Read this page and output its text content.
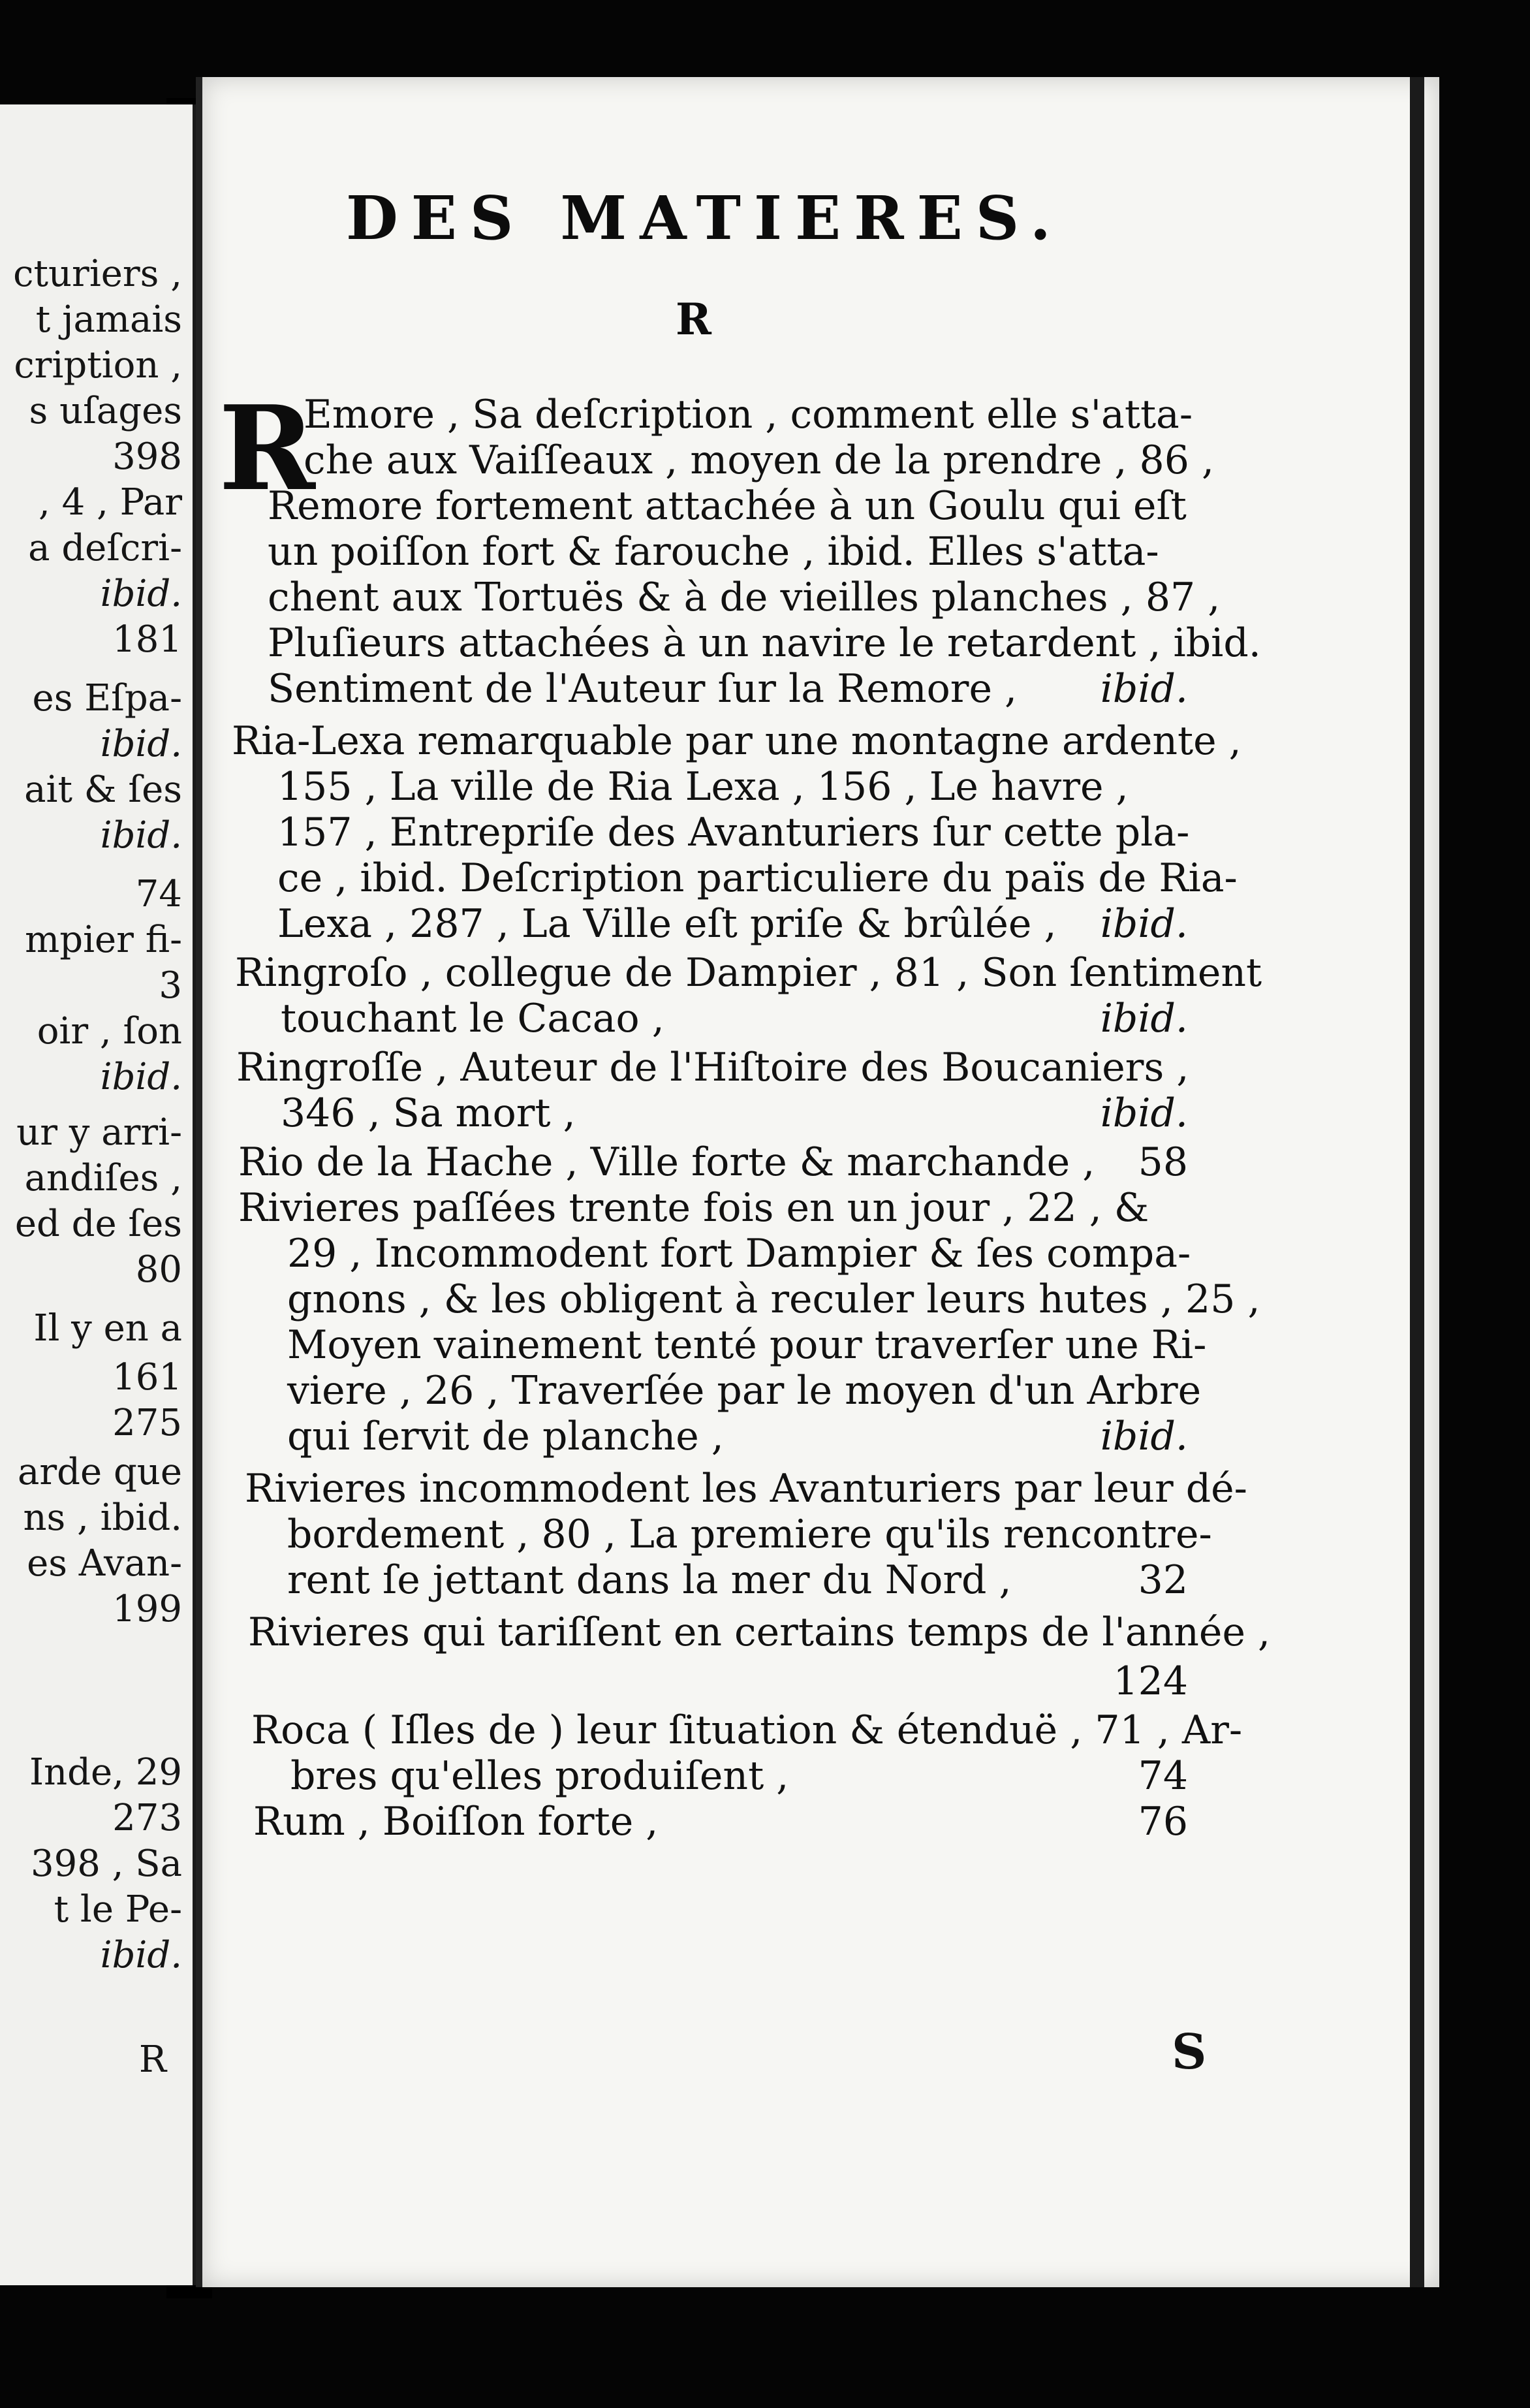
cturiers ,
t jamais
cription ,
s uſages
398
, 4 , Par
a deſcri-
ibid.
181
es Eſpa-
ibid.
ait & ſes
ibid.
74
mpier fi-
3
oir , ſon
ibid.
ur y arri-
andiſes ,
ed de ſes
80
Il y en a
161
275
arde que
ns , ibid.
es Avan-
199
Inde, 29
273
398 , Sa
t le Pe-
ibid.
R
DES MATIERES.
R
R
Emore , Sa deſcription , comment elle s'atta-
che aux Vaiſſeaux , moyen de la prendre , 86 ,
Remore fortement attachée à un Goulu qui eſt
un poiſſon fort & farouche , ibid. Elles s'atta-
chent aux Tortuës & à de vieilles planches , 87 ,
Pluſieurs attachées à un navire le retardent , ibid.
Sentiment de l'Auteur ſur la Remore ,	ibid.
Ria-Lexa remarquable par une montagne ardente ,
155 , La ville de Ria Lexa , 156 , Le havre ,
157 , Entrepriſe des Avanturiers ſur cette pla-
ce , ibid. Deſcription particuliere du païs de Ria-
Lexa , 287 , La Ville eſt priſe & brûlée ,	ibid.
Ringroſo , collegue de Dampier , 81 , Son ſentiment
touchant le Cacao ,	ibid.
Ringroſſe , Auteur de l'Hiſtoire des Boucaniers ,
346 , Sa mort ,	ibid.
Rio de la Hache , Ville forte & marchande ,	58
Rivieres paſſées trente fois en un jour , 22 , &
29 , Incommodent fort Dampier & ſes compa-
gnons , & les obligent à reculer leurs hutes , 25 ,
Moyen vainement tenté pour traverſer une Ri-
viere , 26 , Traverſée par le moyen d'un Arbre
qui ſervit de planche ,	ibid.
Rivieres incommodent les Avanturiers par leur dé-
bordement , 80 , La premiere qu'ils rencontre-
rent ſe jettant dans la mer du Nord ,	32
Rivieres qui tariſſent en certains temps de l'année ,
124
Roca ( Iſles de ) leur ſituation & étenduë , 71 , Ar-
bres qu'elles produiſent ,	74
Rum , Boiſſon forte ,	76
S
